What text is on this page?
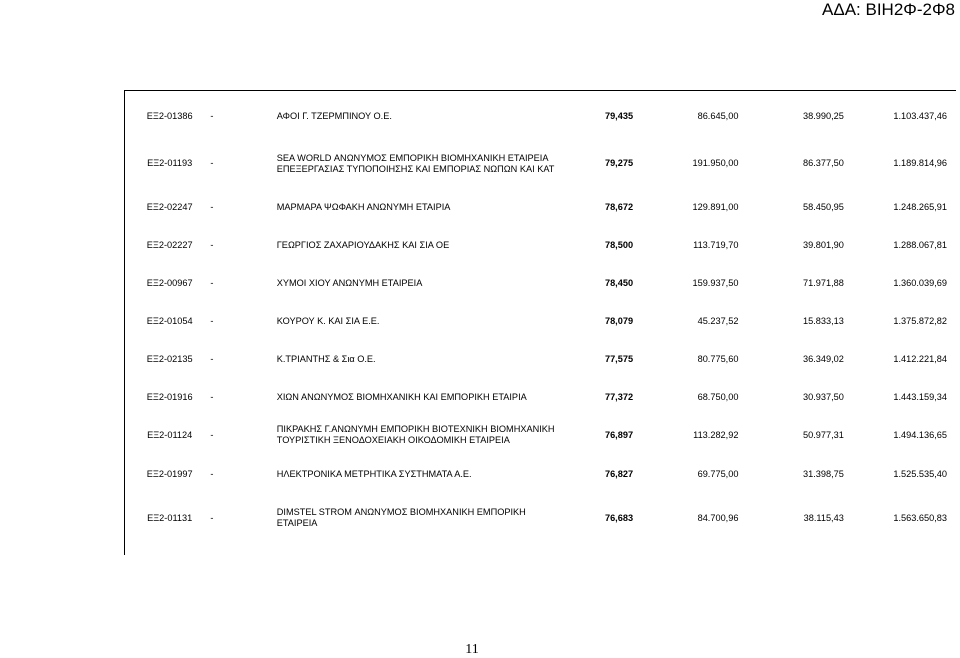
ΑΔΑ: ΒΙΗ2Φ-2Φ8
ΕΞ2-01386	-	ΑΦΟΙ Γ. ΤΖΕΡΜΠΙΝΟΥ Ο.Ε.	79,435	86.645,00	38.990,25	1.103.437,46
ΕΞ2-01193	-	SEA WORLD ΑΝΩΝΥΜΟΣ ΕΜΠΟΡΙΚΗ ΒΙΟΜΗΧΑΝΙΚΗ ΕΤΑΙΡΕΙΑ ΕΠΕΞΕΡΓΑΣΙΑΣ ΤΥΠΟΠΟΙΗΣΗΣ ΚΑΙ ΕΜΠΟΡΙΑΣ ΝΩΠΩΝ ΚΑΙ ΚΑΤ	79,275	191.950,00	86.377,50	1.189.814,96
ΕΞ2-02247	-	ΜΑΡΜΑΡΑ ΨΩΦΑΚΗ ΑΝΩΝΥΜΗ ΕΤΑΙΡΙΑ	78,672	129.891,00	58.450,95	1.248.265,91
ΕΞ2-02227	-	ΓΕΩΡΓΙΟΣ ΖΑΧΑΡΙΟΥΔΑΚΗΣ ΚΑΙ ΣΙΑ ΟΕ	78,500	113.719,70	39.801,90	1.288.067,81
ΕΞ2-00967	-	ΧΥΜΟΙ ΧΙΟΥ ΑΝΩΝΥΜΗ ΕΤΑΙΡΕΙΑ	78,450	159.937,50	71.971,88	1.360.039,69
ΕΞ2-01054	-	ΚΟΥΡΟΥ Κ. ΚΑΙ ΣΙΑ Ε.Ε.	78,079	45.237,52	15.833,13	1.375.872,82
ΕΞ2-02135	-	Κ.ΤΡΙΑΝΤΗΣ & Σια Ο.Ε.	77,575	80.775,60	36.349,02	1.412.221,84
ΕΞ2-01916	-	ΧΙΩΝ ΑΝΩΝΥΜΟΣ ΒΙΟΜΗΧΑΝΙΚΗ ΚΑΙ ΕΜΠΟΡΙΚΗ ΕΤΑΙΡΙΑ	77,372	68.750,00	30.937,50	1.443.159,34
ΕΞ2-01124	-	ΠΙΚΡΑΚΗΣ Γ.ΑΝΩΝΥΜΗ ΕΜΠΟΡΙΚΗ ΒΙΟΤΕΧΝΙΚΗ ΒΙΟΜΗΧΑΝΙΚΗ ΤΟΥΡΙΣΤΙΚΗ ΞΕΝΟΔΟΧΕΙΑΚΗ ΟΙΚΟΔΟΜΙΚΗ ΕΤΑΙΡΕΙΑ	76,897	113.282,92	50.977,31	1.494.136,65
ΕΞ2-01997	-	ΗΛΕΚΤΡΟΝΙΚΑ ΜΕΤΡΗΤΙΚΑ ΣΥΣΤΗΜΑΤΑ Α.Ε.	76,827	69.775,00	31.398,75	1.525.535,40
ΕΞ2-01131	-	DIMSTEL STROM ΑΝΩΝΥΜΟΣ ΒΙΟΜΗΧΑΝΙΚΗ ΕΜΠΟΡΙΚΗ ΕΤΑΙΡΕΙΑ	76,683	84.700,96	38.115,43	1.563.650,83
11
